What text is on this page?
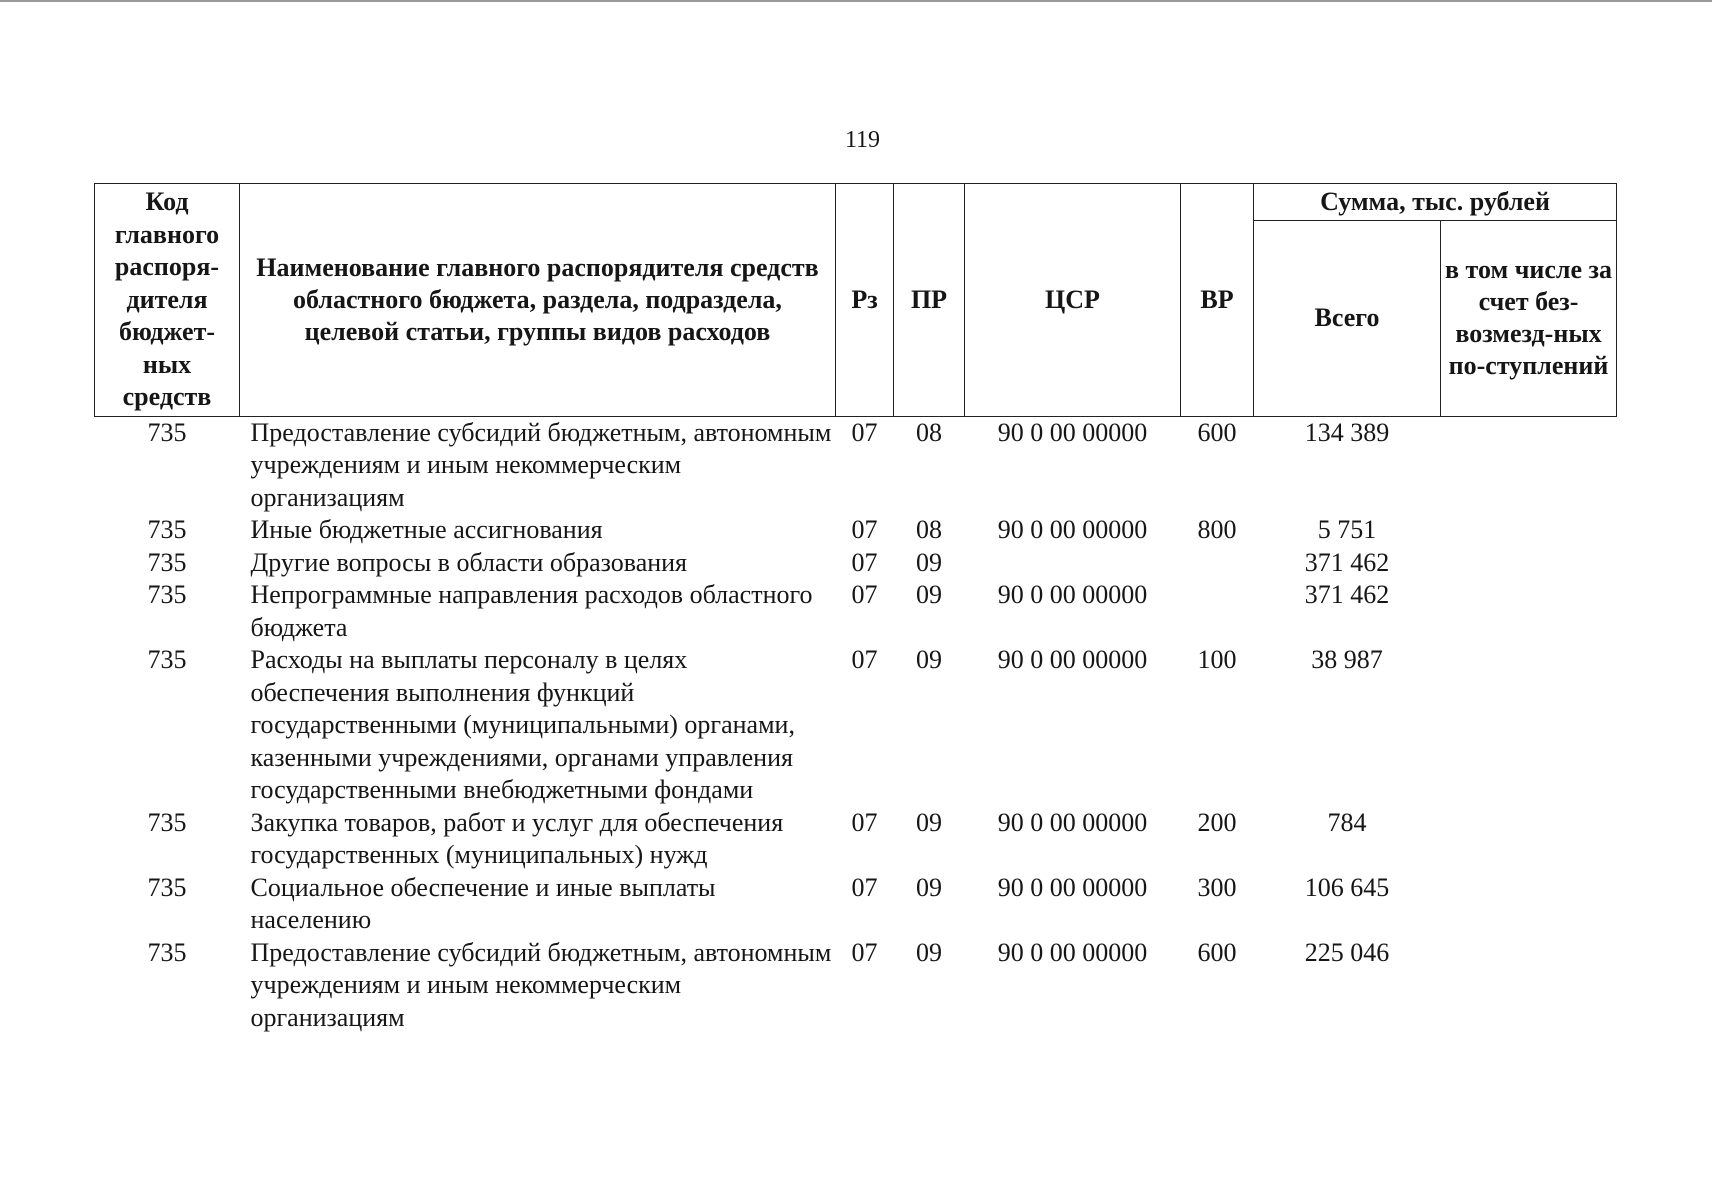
119
Код главного распоря-дителя бюджет-ных средств	Наименование главного распорядителя средств областного бюджета, раздела, подраздела, целевой статьи, группы видов расходов	Рз	ПР	ЦСР	ВР	Сумма, тыс. рублей	
						Всего	в том числе за счет без-возмезд-ных по-ступлений
735	Предоставление субсидий бюджетным, автономным учреждениям и иным некоммерческим организациям	07	08	90 0 00 00000	600	134 389	
735	Иные бюджетные ассигнования	07	08	90 0 00 00000	800	5 751	
735	Другие вопросы в области образования	07	09			371 462	
735	Непрограммные направления расходов областного бюджета	07	09	90 0 00 00000		371 462	
735	Расходы на выплаты персоналу в целях обеспечения выполнения функций государственными (муниципальными) органами, казенными учреждениями, органами управления государственными внебюджетными фондами	07	09	90 0 00 00000	100	38 987	
735	Закупка товаров, работ и услуг для обеспечения государственных (муниципальных) нужд	07	09	90 0 00 00000	200	784	
735	Социальное обеспечение и иные выплаты населению	07	09	90 0 00 00000	300	106 645	
735	Предоставление субсидий бюджетным, автономным учреждениям и иным некоммерческим организациям	07	09	90 0 00 00000	600	225 046	
